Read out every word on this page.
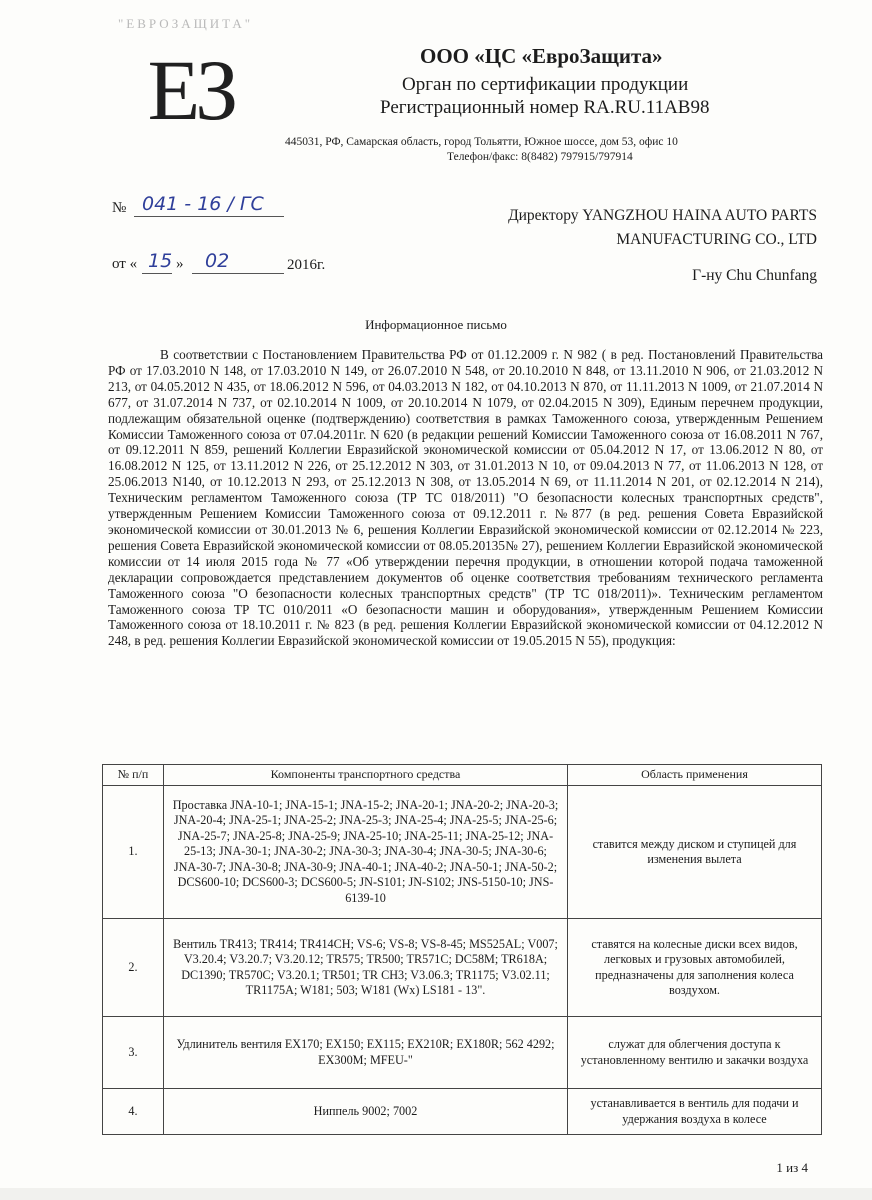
"ЕВРОЗАЩИТА"
ЕЗ	ООО «ЦС «ЕвроЗащита»
Орган по сертификации продукции
Регистрационный номер RA.RU.11AB98
445031, РФ, Самарская область, город Тольятти, Южное шоссе, дом 53, офис 10
Телефон/факс: 8(8482) 797915/797914
№ 041 - 16 / ГС
от « 15 » 02	2016г.
Директору YANGZHOU HAINA AUTO PARTS
MANUFACTURING CO., LTD
Г-ну Chu Chunfang
Информационное письмо
В соответствии с Постановлением Правительства РФ от 01.12.2009 г. N 982 ( в ред. Постановлений Правительства РФ от 17.03.2010 N 148, от 17.03.2010 N 149, от 26.07.2010 N 548, от 20.10.2010 N 848, от 13.11.2010 N 906, от 21.03.2012 N 213, от 04.05.2012 N 435, от 18.06.2012 N 596, от 04.03.2013 N 182, от 04.10.2013 N 870, от 11.11.2013 N 1009, от 21.07.2014 N 677, от 31.07.2014 N 737, от 02.10.2014 N 1009, от 20.10.2014 N 1079, от 02.04.2015 N 309), Единым перечнем продукции, подлежащим обязательной оценке (подтверждению) соответствия в рамках Таможенного союза, утвержденным Решением Комиссии Таможенного союза от 07.04.2011г. N 620 (в редакции решений Комиссии Таможенного союза от 16.08.2011 N 767, от 09.12.2011 N 859, решений Коллегии Евразийской экономической комиссии от 05.04.2012 N 17, от 13.06.2012 N 80, от 16.08.2012 N 125, от 13.11.2012 N 226, от 25.12.2012 N 303, от 31.01.2013 N 10, от 09.04.2013 N 77, от 11.06.2013 N 128, от 25.06.2013 N140, от 10.12.2013 N 293, от 25.12.2013 N 308, от 13.05.2014 N 69, от 11.11.2014 N 201, от 02.12.2014 N 214), Техническим регламентом Таможенного союза (ТР ТС 018/2011) "О безопасности колесных транспортных средств", утвержденным Решением Комиссии Таможенного союза от 09.12.2011 г. №877 (в ред. решения Совета Евразийской экономической комиссии от 30.01.2013 № 6, решения Коллегии Евразийской экономической комиссии от 02.12.2014 № 223, решения Совета Евразийской экономической комиссии от 08.05.20135№ 27), решением Коллегии Евразийской экономической комиссии от 14 июля 2015 года № 77 «Об утверждении перечня продукции, в отношении которой подача таможенной декларации сопровождается представлением документов об оценке соответствия требованиям технического регламента Таможенного союза "О безопасности колесных транспортных средств" (ТР ТС 018/2011)». Техническим регламентом Таможенного союза ТР ТС 010/2011 «О безопасности машин и оборудования», утвержденным Решением Комиссии Таможенного союза от 18.10.2011 г. № 823 (в ред. решения Коллегии Евразийской экономической комиссии от 04.12.2012 N 248, в ред. решения Коллегии Евразийской экономической комиссии от 19.05.2015 N 55), продукция:
№ п/п	Компоненты транспортного средства	Область применения
1.	Проставка JNA-10-1; JNA-15-1; JNA-15-2; JNA-20-1; JNA-20-2; JNA-20-3; JNA-20-4; JNA-25-1; JNA-25-2; JNA-25-3; JNA-25-4; JNA-25-5; JNA-25-6; JNA-25-7; JNA-25-8; JNA-25-9; JNA-25-10; JNA-25-11; JNA-25-12; JNA-25-13; JNA-30-1; JNA-30-2; JNA-30-3; JNA-30-4; JNA-30-5; JNA-30-6; JNA-30-7; JNA-30-8; JNA-30-9; JNA-40-1; JNA-40-2; JNA-50-1; JNA-50-2; DCS600-10; DCS600-3; DCS600-5; JN-S101; JN-S102; JNS-5150-10; JNS-6139-10	ставится между диском и ступицей для изменения вылета
2.	Вентиль TR413; TR414; TR414CH; VS-6; VS-8; VS-8-45; MS525AL; V007; V3.20.4; V3.20.7; V3.20.12; TR575; TR500; TR571C; DC58M; TR618A; DC1390; TR570C; V3.20.1; TR501; TR CH3; V3.06.3; TR1175; V3.02.11; TR1175A; W181; 503; W181 (Wx) LS181 - 13".	ставятся на колесные диски всех видов, легковых и грузовых автомобилей, предназначены для заполнения колеса воздухом.
3.	Удлинитель вентиля EX170; EX150; EX115; EX210R; EX180R; 562 4292; EX300M; MFEU-"	служат для облегчения доступа к установленному вентилю и закачки воздуха
4.	Ниппель 9002; 7002	устанавливается в вентиль для подачи и удержания воздуха в колесе
1 из 4
